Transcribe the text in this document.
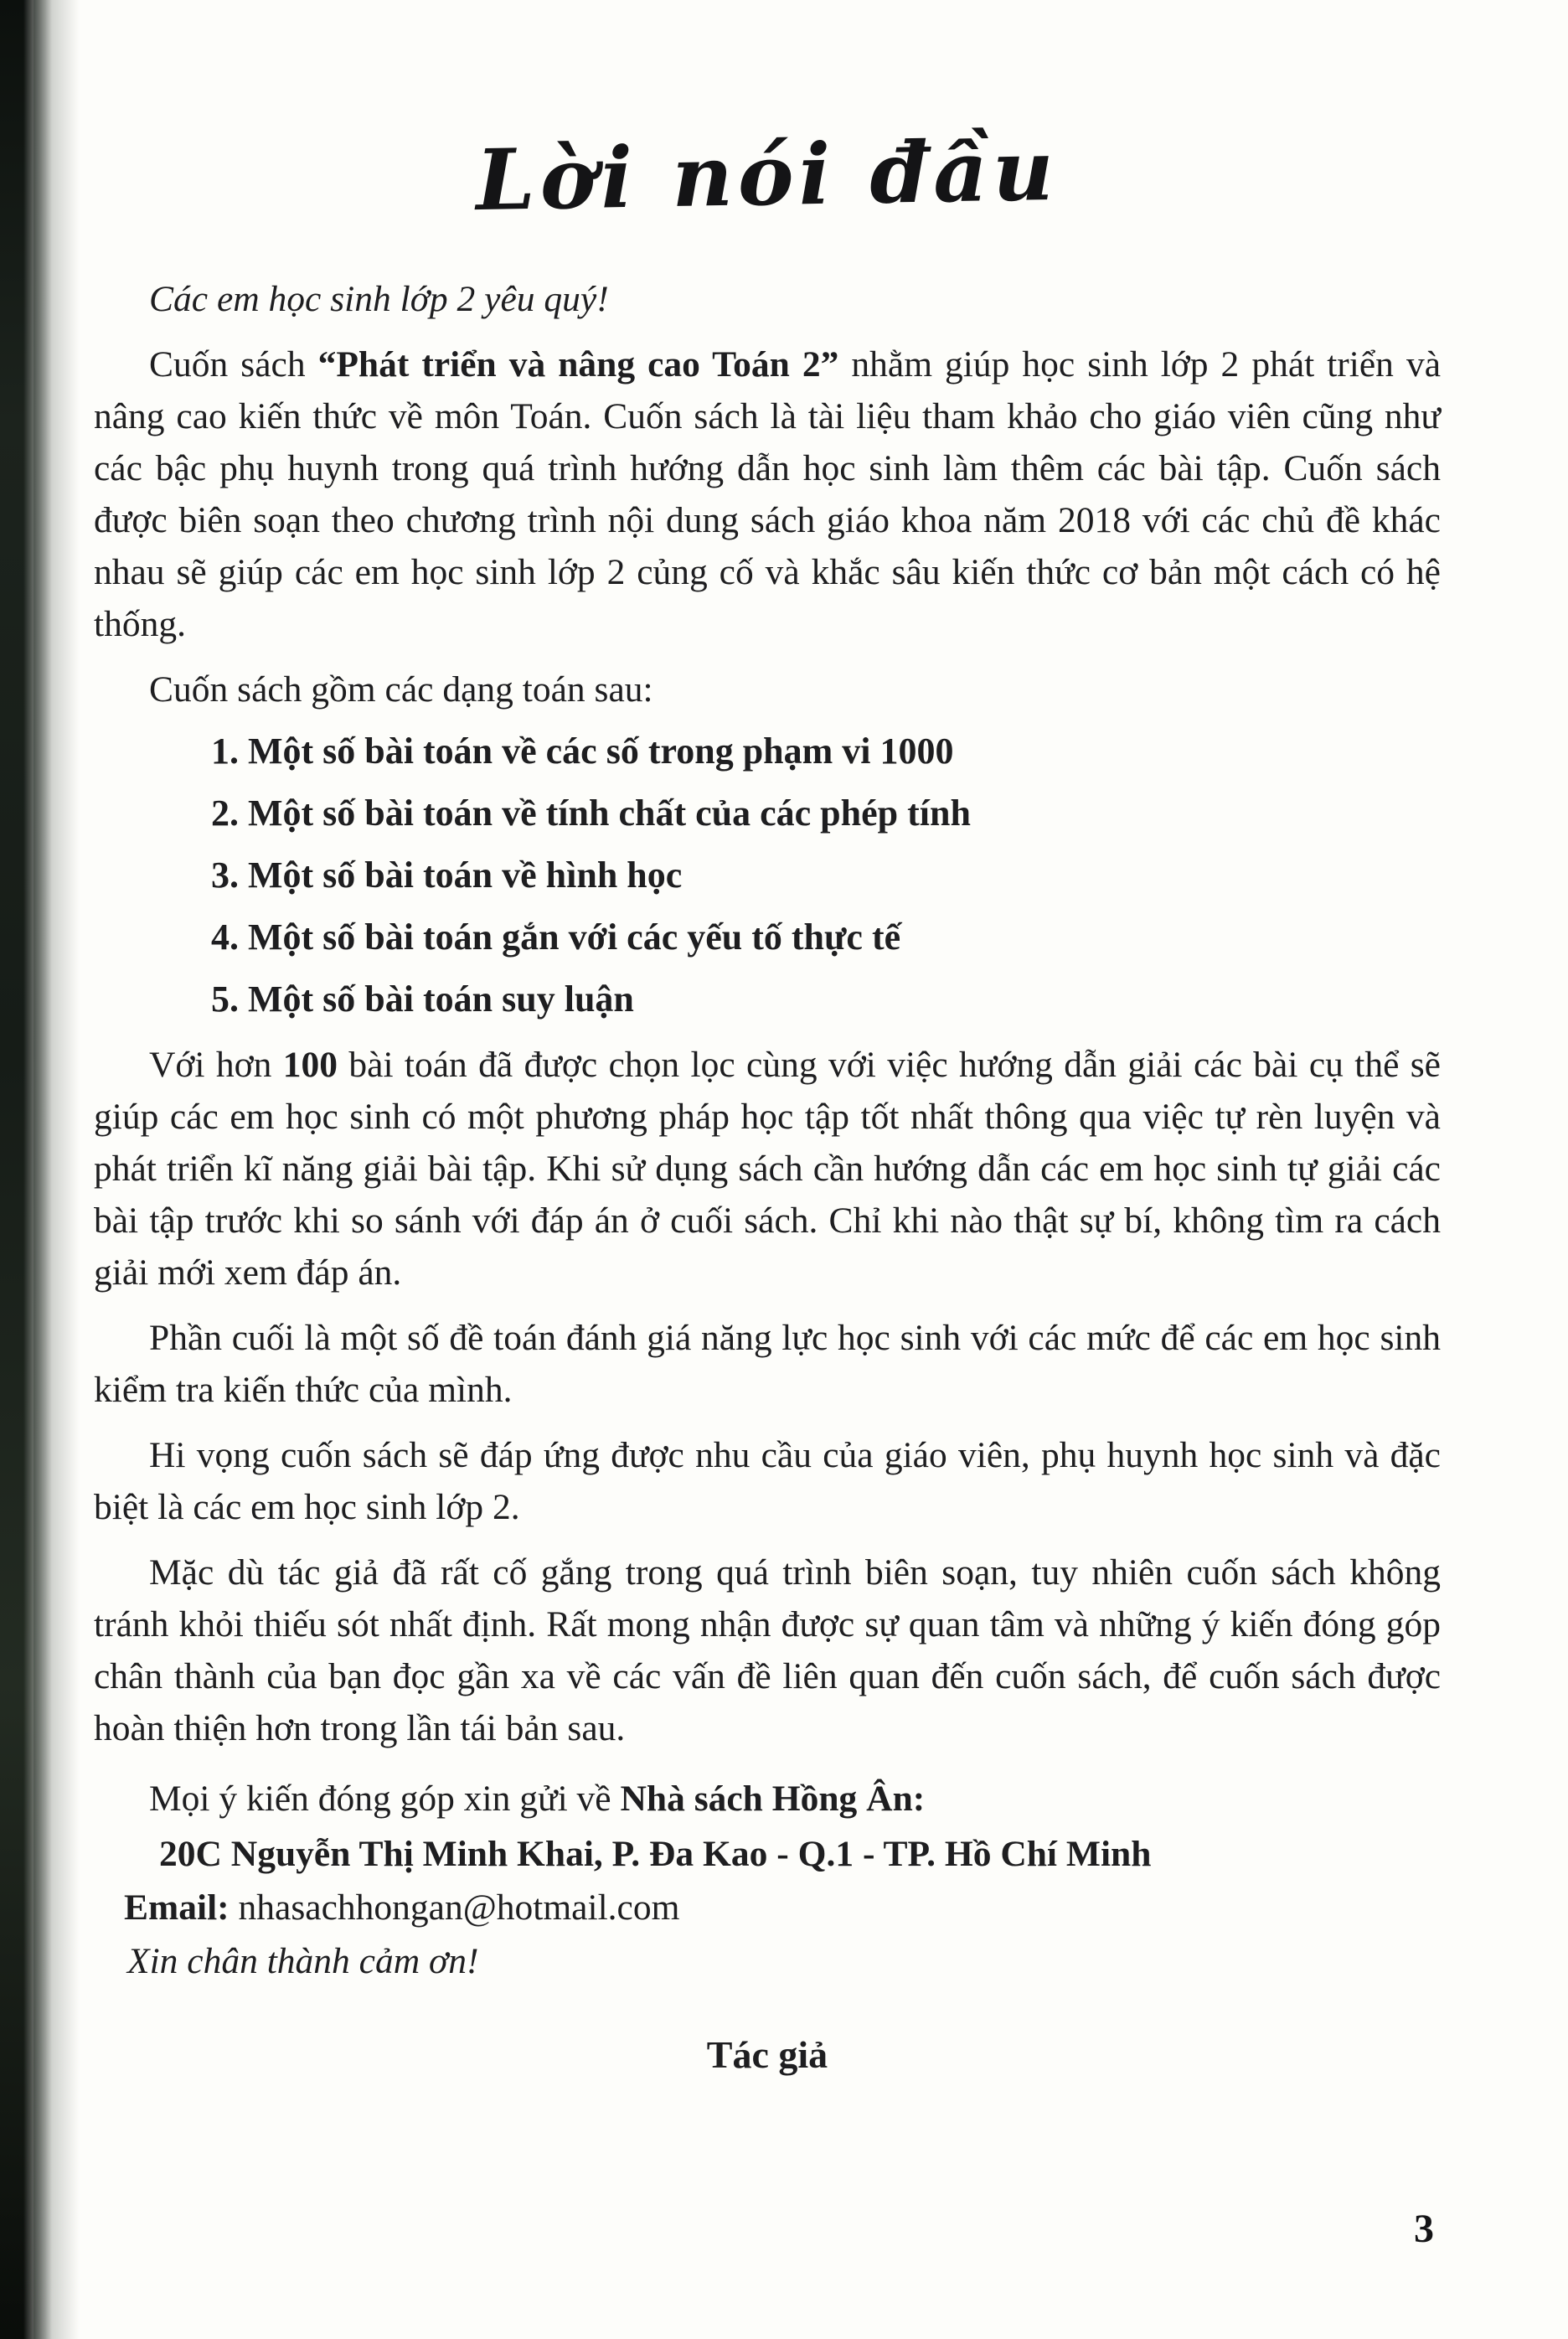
Lời nói đầu

Các em học sinh lớp 2 yêu quý!

Cuốn sách “Phát triển và nâng cao Toán 2” nhằm giúp học sinh lớp 2 phát triển và nâng cao kiến thức về môn Toán. Cuốn sách là tài liệu tham khảo cho giáo viên cũng như các bậc phụ huynh trong quá trình hướng dẫn học sinh làm thêm các bài tập. Cuốn sách được biên soạn theo chương trình nội dung sách giáo khoa năm 2018 với các chủ đề khác nhau sẽ giúp các em học sinh lớp 2 củng cố và khắc sâu kiến thức cơ bản một cách có hệ thống.

Cuốn sách gồm các dạng toán sau:

1. Một số bài toán về các số trong phạm vi 1000
2. Một số bài toán về tính chất của các phép tính
3. Một số bài toán về hình học
4. Một số bài toán gắn với các yếu tố thực tế
5. Một số bài toán suy luận

Với hơn 100 bài toán đã được chọn lọc cùng với việc hướng dẫn giải các bài cụ thể sẽ giúp các em học sinh có một phương pháp học tập tốt nhất thông qua việc tự rèn luyện và phát triển kĩ năng giải bài tập. Khi sử dụng sách cần hướng dẫn các em học sinh tự giải các bài tập trước khi so sánh với đáp án ở cuối sách. Chỉ khi nào thật sự bí, không tìm ra cách giải mới xem đáp án.

Phần cuối là một số đề toán đánh giá năng lực học sinh với các mức để các em học sinh kiểm tra kiến thức của mình.

Hi vọng cuốn sách sẽ đáp ứng được nhu cầu của giáo viên, phụ huynh học sinh và đặc biệt là các em học sinh lớp 2.

Mặc dù tác giả đã rất cố gắng trong quá trình biên soạn, tuy nhiên cuốn sách không tránh khỏi thiếu sót nhất định. Rất mong nhận được sự quan tâm và những ý kiến đóng góp chân thành của bạn đọc gần xa về các vấn đề liên quan đến cuốn sách, để cuốn sách được hoàn thiện hơn trong lần tái bản sau.

Mọi ý kiến đóng góp xin gửi về Nhà sách Hồng Ân:

20C Nguyễn Thị Minh Khai, P. Đa Kao - Q.1 - TP. Hồ Chí Minh

Email: nhasachhongan@hotmail.com

Xin chân thành cảm ơn!

Tác giả

3
